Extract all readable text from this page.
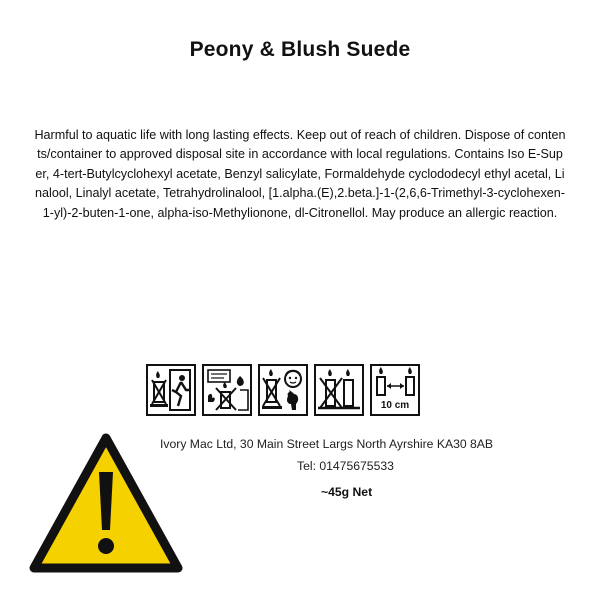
Peony & Blush Suede
Harmful to aquatic life with long lasting effects. Keep out of reach of children. Dispose of contents/container to approved disposal site in accordance with local regulations. Contains Iso E-Super, 4-tert-Butylcyclohexyl acetate, Benzyl salicylate, Formaldehyde cyclododecyl ethyl acetal, Linalool, Linalyl acetate, Tetrahydrolinalool, [1.alpha.(E),2.beta.]-1-(2,6,6-Trimethyl-3-cyclohexen-1-yl)-2-buten-1-one, alpha-iso-Methylionone, dl-Citronellol. May produce an allergic reaction.
10 cm
Ivory Mac Ltd, 30 Main Street Largs North Ayrshire KA30 8AB
Tel: 01475675533
~45g Net
